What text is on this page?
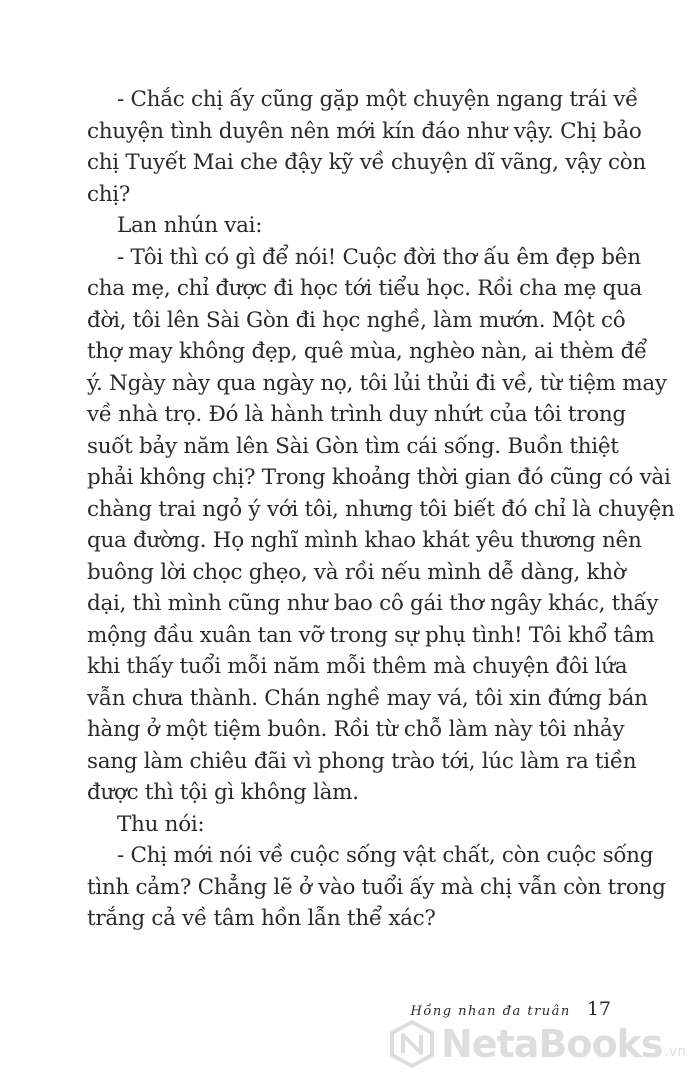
- Chắc chị ấy cũng gặp một chuyện ngang trái về
chuyện tình duyên nên mới kín đáo như vậy. Chị bảo
chị Tuyết Mai che đậy kỹ về chuyện dĩ vãng, vậy còn
chị?
Lan nhún vai:
- Tôi thì có gì để nói! Cuộc đời thơ ấu êm đẹp bên
cha mẹ, chỉ được đi học tới tiểu học. Rồi cha mẹ qua
đời, tôi lên Sài Gòn đi học nghề, làm mướn. Một cô
thợ may không đẹp, quê mùa, nghèo nàn, ai thèm để
ý. Ngày này qua ngày nọ, tôi lủi thủi đi về, từ tiệm may
về nhà trọ. Đó là hành trình duy nhứt của tôi trong
suốt bảy năm lên Sài Gòn tìm cái sống. Buồn thiệt
phải không chị? Trong khoảng thời gian đó cũng có vài
chàng trai ngỏ ý với tôi, nhưng tôi biết đó chỉ là chuyện
qua đường. Họ nghĩ mình khao khát yêu thương nên
buông lời chọc ghẹo, và rồi nếu mình dễ dàng, khờ
dại, thì mình cũng như bao cô gái thơ ngây khác, thấy
mộng đầu xuân tan vỡ trong sự phụ tình! Tôi khổ tâm
khi thấy tuổi mỗi năm mỗi thêm mà chuyện đôi lứa
vẫn chưa thành. Chán nghề may vá, tôi xin đứng bán
hàng ở một tiệm buôn. Rồi từ chỗ làm này tôi nhảy
sang làm chiêu đãi vì phong trào tới, lúc làm ra tiền
được thì tội gì không làm.
Thu nói:
- Chị mới nói về cuộc sống vật chất, còn cuộc sống
tình cảm? Chẳng lẽ ở vào tuổi ấy mà chị vẫn còn trong
trắng cả về tâm hồn lẫn thể xác?
Hồng nhan đa truân 17
NetaBooks .vn
